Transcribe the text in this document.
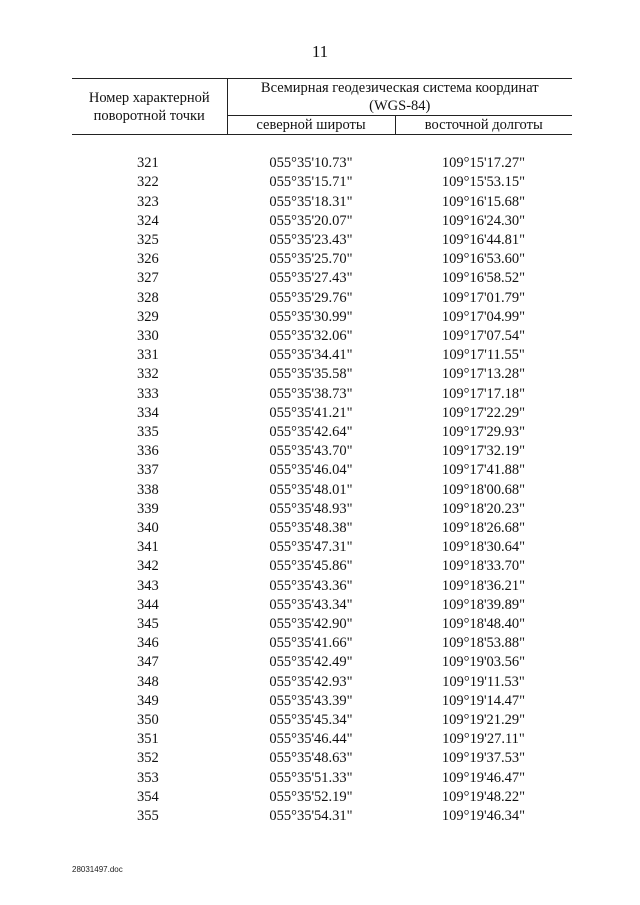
11
Номер характерной поворотной точки	Всемирная геодезическая система координат
(WGS-84)	

	северной широты	восточной долготы

321	055°35'10.73"	109°15'17.27"
322	055°35'15.71"	109°15'53.15"
323	055°35'18.31"	109°16'15.68"
324	055°35'20.07"	109°16'24.30"
325	055°35'23.43"	109°16'44.81"
326	055°35'25.70"	109°16'53.60"
327	055°35'27.43"	109°16'58.52"
328	055°35'29.76"	109°17'01.79"
329	055°35'30.99"	109°17'04.99"
330	055°35'32.06"	109°17'07.54"
331	055°35'34.41"	109°17'11.55"
332	055°35'35.58"	109°17'13.28"
333	055°35'38.73"	109°17'17.18"
334	055°35'41.21"	109°17'22.29"
335	055°35'42.64"	109°17'29.93"
336	055°35'43.70"	109°17'32.19"
337	055°35'46.04"	109°17'41.88"
338	055°35'48.01"	109°18'00.68"
339	055°35'48.93"	109°18'20.23"
340	055°35'48.38"	109°18'26.68"
341	055°35'47.31"	109°18'30.64"
342	055°35'45.86"	109°18'33.70"
343	055°35'43.36"	109°18'36.21"
344	055°35'43.34"	109°18'39.89"
345	055°35'42.90"	109°18'48.40"
346	055°35'41.66"	109°18'53.88"
347	055°35'42.49"	109°19'03.56"
348	055°35'42.93"	109°19'11.53"
349	055°35'43.39"	109°19'14.47"
350	055°35'45.34"	109°19'21.29"
351	055°35'46.44"	109°19'27.11"
352	055°35'48.63"	109°19'37.53"
353	055°35'51.33"	109°19'46.47"
354	055°35'52.19"	109°19'48.22"
355	055°35'54.31"	109°19'46.34"
28031497.doc
